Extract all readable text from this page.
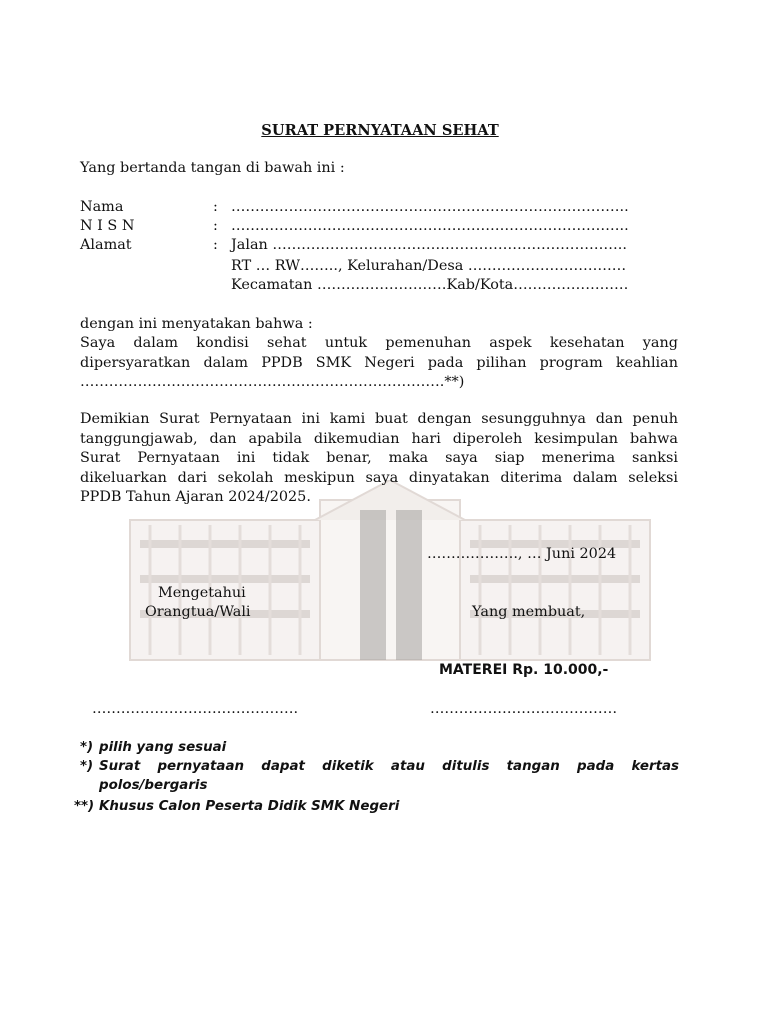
SURAT PERNYATAAN SEHAT
Yang bertanda tangan di bawah ini :
Nama	: ………………………………………………………………………..
N I S N	: ………………………………………………………………………..
Alamat	: Jalan ………………………………………………………………..
RT … RW…….., Kelurahan/Desa ……………………………
Kecamatan ………………………Kab/Kota……………………
dengan ini menyatakan bahwa :
Saya dalam kondisi sehat untuk pemenuhan aspek kesehatan yang
dipersyaratkan dalam PPDB SMK Negeri pada pilihan program keahlian
………………………………………………………………….**)
Demikian Surat Pernyataan ini kami buat dengan sesungguhnya dan penuh
tanggungjawab, dan apabila dikemudian hari diperoleh kesimpulan bahwa
Surat Pernyataan ini tidak benar, maka saya siap menerima sanksi
dikeluarkan dari sekolah meskipun saya dinyatakan diterima dalam seleksi
PPDB Tahun Ajaran 2024/2025.
………………., … Juni 2024
Mengetahui
Orangtua/Wali	Yang membuat,
MATEREI Rp. 10.000,-
…………………………………….	…………………………………
*) pilih yang sesuai
*) Surat pernyataan dapat diketik atau ditulis tangan pada kertas
polos/bergaris
**) Khusus Calon Peserta Didik SMK Negeri
